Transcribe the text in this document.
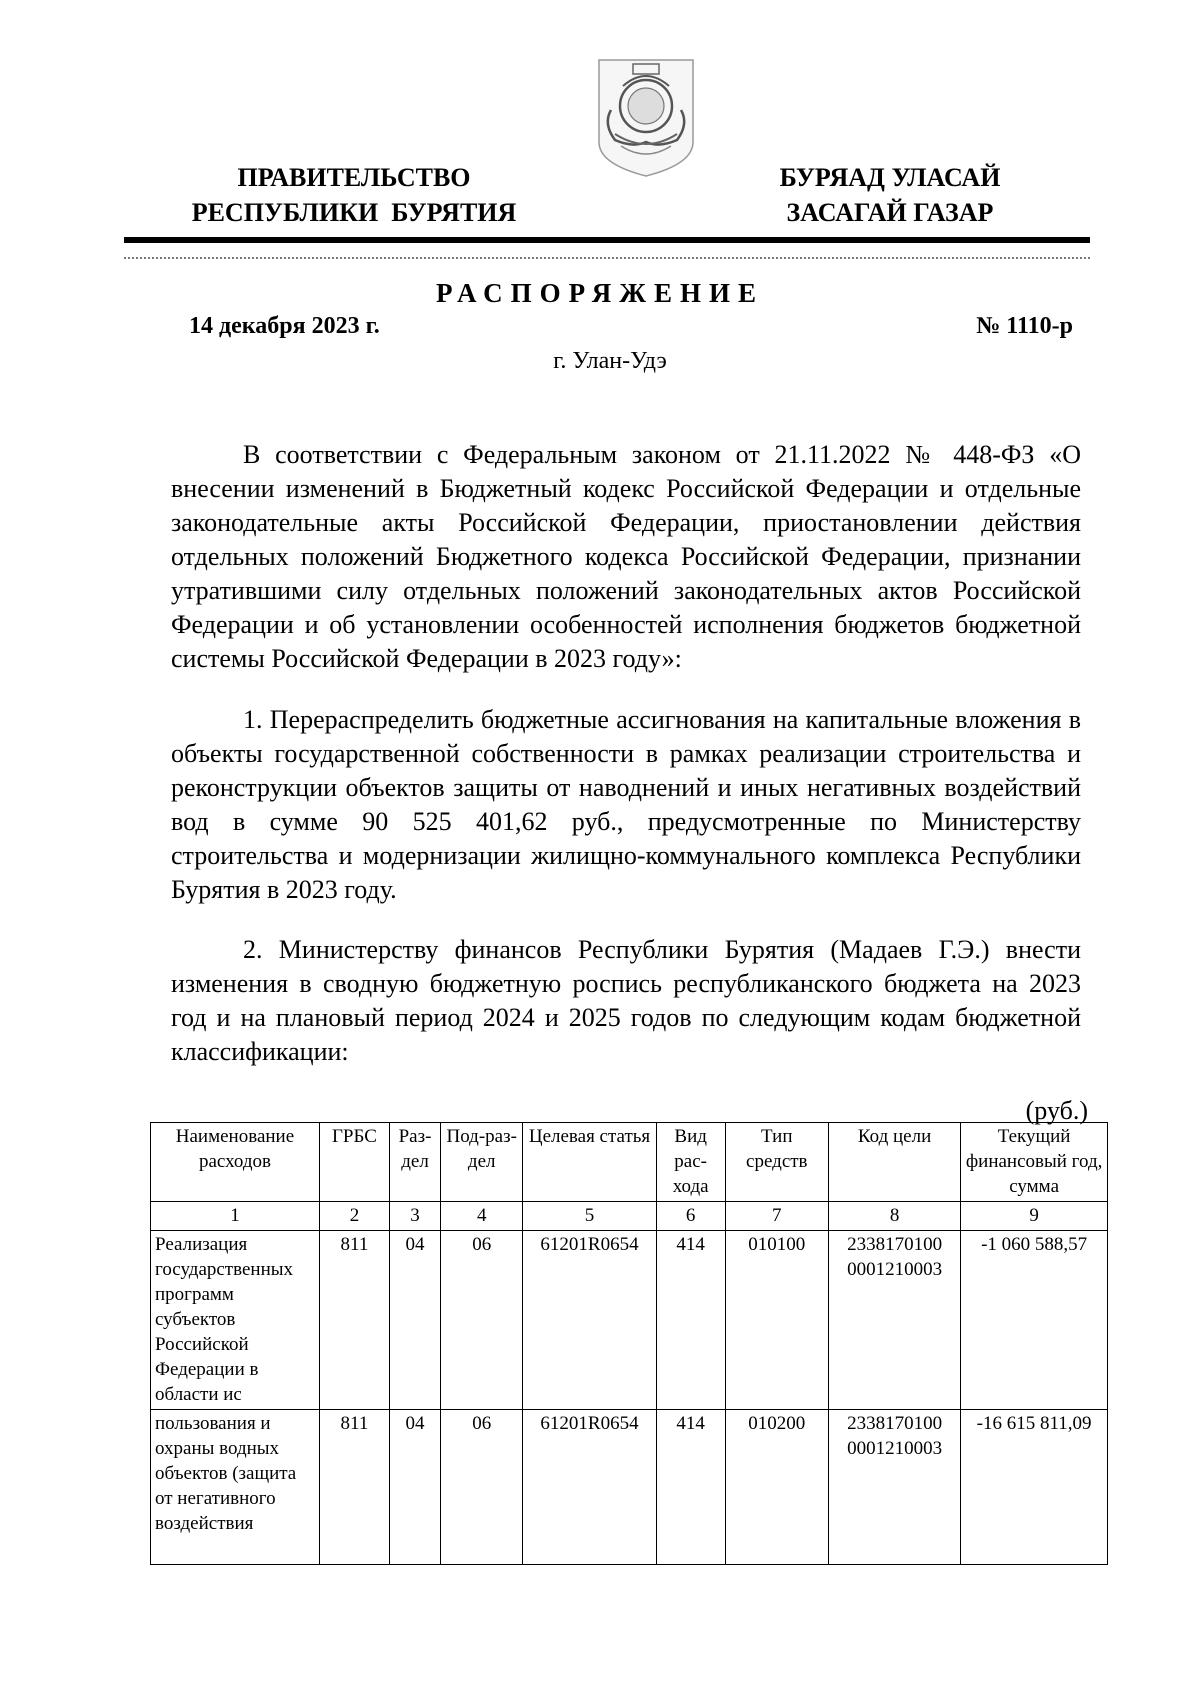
ПРАВИТЕЛЬСТВО
РЕСПУБЛИКИ  БУРЯТИЯ
БУРЯАД УЛАСАЙ
ЗАСАГАЙ ГАЗАР
РАСПОРЯЖЕНИЕ
14 декабря 2023 г.	№ 1110-р
г. Улан-Удэ

В соответствии с Федеральным законом от 21.11.2022 № 448-ФЗ «О внесении изменений в Бюджетный кодекс Российской Федерации и отдельные законодательные акты Российской Федерации, приостановлении действия отдельных положений Бюджетного кодекса Российской Федерации, признании утратившими силу отдельных положений законодательных актов Российской Федерации и об установлении особенностей исполнения бюджетов бюджетной системы Российской Федерации в 2023 году»:

1. Перераспределить бюджетные ассигнования на капитальные вложения в объекты государственной собственности в рамках реализации строительства и реконструкции объектов защиты от наводнений и иных негативных воздействий вод в сумме 90 525 401,62 руб., предусмотренные по Министерству строительства и модернизации жилищно-коммунального комплекса Республики Бурятия в 2023 году.

2. Министерству финансов Республики Бурятия (Мадаев Г.Э.) внести изменения в сводную бюджетную роспись республиканского бюджета на 2023 год и на плановый период 2024 и 2025 годов по следующим кодам бюджетной классификации:

(руб.)
Наименование расходов	ГРБС	Раз-дел	Под-раз-дел	Целевая статья	Вид рас-хода	Тип средств	Код цели	Текущий финансовый год, сумма
1	2	3	4	5	6	7	8	9
Реализация государственных программ субъектов Российской Федерации в области ис	811	04	06	61201R0654	414	010100	2338170100 0001210003	-1 060 588,57
пользования и охраны водных объектов (защита от негативного воздействия	811	04	06	61201R0654	414	010200	2338170100 0001210003	-16 615 811,09
